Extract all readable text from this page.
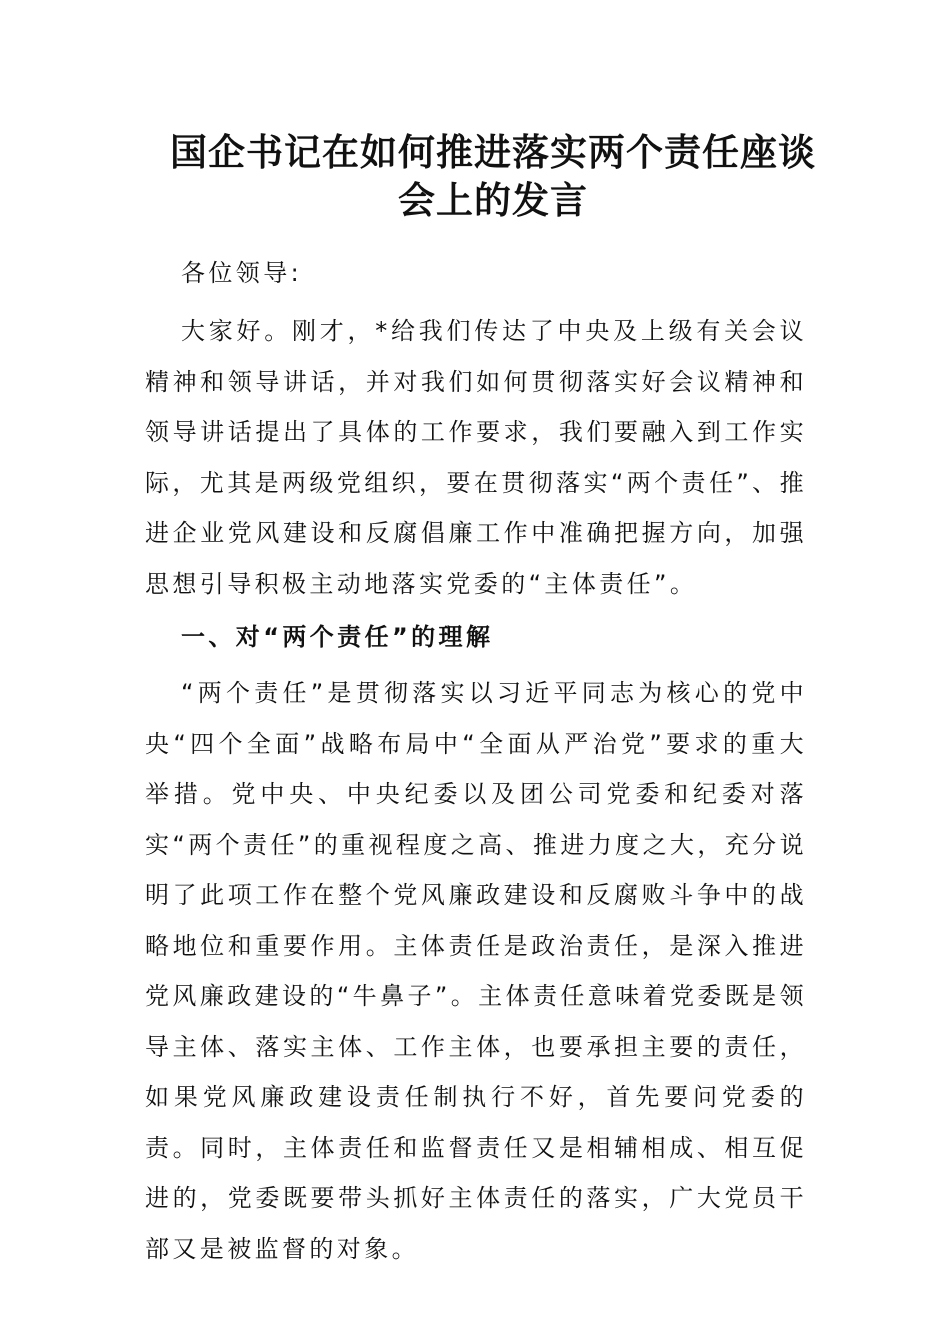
国企书记在如何推进落实两个责任座谈
会上的发言

各位领导:

大家好。刚才，*给我们传达了中央及上级有关会议精神和领导讲话，并对我们如何贯彻落实好会议精神和领导讲话提出了具体的工作要求，我们要融入到工作实际，尤其是两级党组织，要在贯彻落实“两个责任”、推进企业党风建设和反腐倡廉工作中准确把握方向，加强思想引导积极主动地落实党委的“主体责任”。

一、对“两个责任”的理解

“两个责任”是贯彻落实以习近平同志为核心的党中央“四个全面”战略布局中“全面从严治党”要求的重大举措。党中央、中央纪委以及团公司党委和纪委对落实“两个责任”的重视程度之高、推进力度之大，充分说明了此项工作在整个党风廉政建设和反腐败斗争中的战略地位和重要作用。主体责任是政治责任，是深入推进党风廉政建设的“牛鼻子”。主体责任意味着党委既是领导主体、落实主体、工作主体，也要承担主要的责任，如果党风廉政建设责任制执行不好，首先要问党委的责。同时，主体责任和监督责任又是相辅相成、相互促进的，党委既要带头抓好主体责任的落实，广大党员干部又是被监督的对象。
